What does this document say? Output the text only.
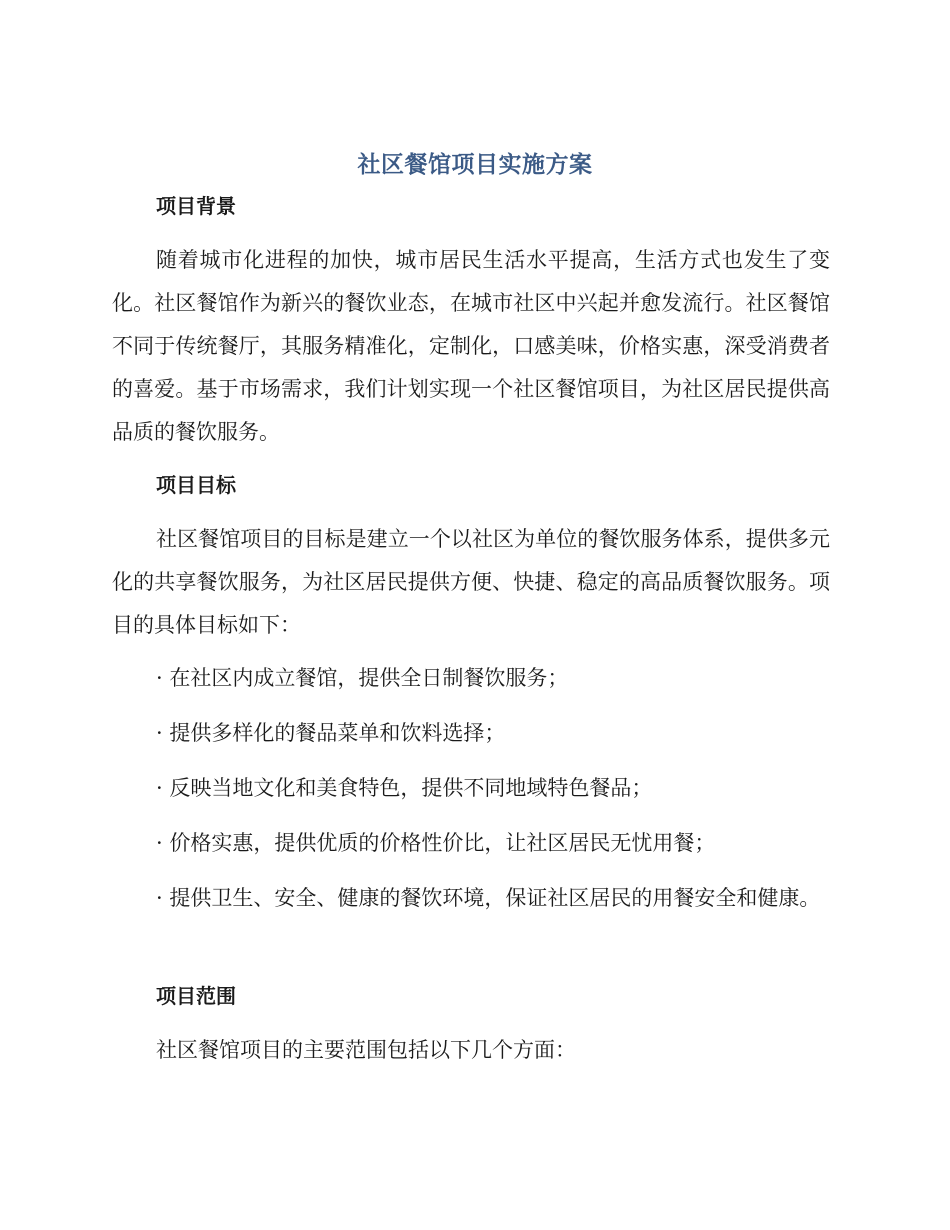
社区餐馆项目实施方案
项目背景

随着城市化进程的加快，城市居民生活水平提高，生活方式也发生了变化。社区餐馆作为新兴的餐饮业态，在城市社区中兴起并愈发流行。社区餐馆不同于传统餐厅，其服务精准化，定制化，口感美味，价格实惠，深受消费者的喜爱。基于市场需求，我们计划实现一个社区餐馆项目，为社区居民提供高品质的餐饮服务。

项目目标

社区餐馆项目的目标是建立一个以社区为单位的餐饮服务体系，提供多元化的共享餐饮服务，为社区居民提供方便、快捷、稳定的高品质餐饮服务。项目的具体目标如下：

· 在社区内成立餐馆，提供全日制餐饮服务；

· 提供多样化的餐品菜单和饮料选择；

· 反映当地文化和美食特色，提供不同地域特色餐品；

· 价格实惠，提供优质的价格性价比，让社区居民无忧用餐；

· 提供卫生、安全、健康的餐饮环境，保证社区居民的用餐安全和健康。

项目范围

社区餐馆项目的主要范围包括以下几个方面：
